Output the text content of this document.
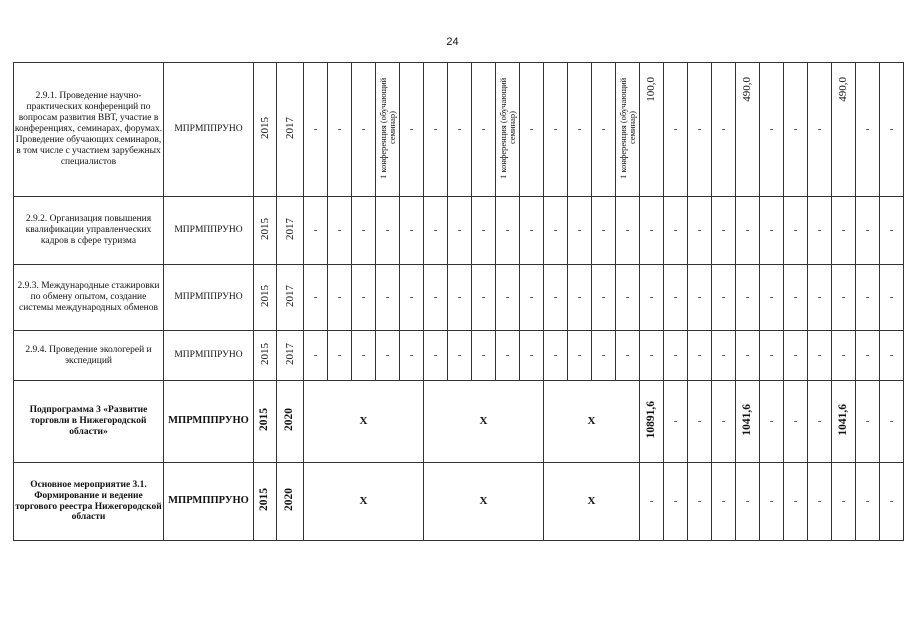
24
2.9.1. Проведение научно-практических конференций по вопросам развития ВВТ, участие в конференциях, семинарах, форумах. Проведение обучающих семинаров, в том числе с участием зарубежных специалистов	МПРМППРУНО	2015	2017	-	-	-	1 конференция (обучающий семинар)	-	-	-	-	1 конференция (обучающий семинар)	-	-	-	-	1 конференция (обучающий семинар)	100,0	-	-	-	490,0	-	-	-	490,0	-	-
2.9.2. Организация повышения квалификации управленческих кадров в сфере туризма	МПРМППРУНО	2015	2017	-	-	-	-	-	-	-	-	-	-	-	-	-	-	-	-	-	-	-	-	-	-	-	-	-
2.9.3. Международные стажировки по обмену опытом, создание системы международных обменов	МПРМППРУНО	2015	2017	-	-	-	-	-	-	-	-	-	-	-	-	-	-	-	-	-	-	-	-	-	-	-	-	-
2.9.4. Проведение экологерей и экспедиций	МПРМППРУНО	2015	2017	-	-	-	-	-	-	-	-	-	-	-	-	-	-	-	-	-	-	-	-	-	-	-	-	-
Подпрограмма 3 «Развитие торговли в Нижегородской области»	МПРМППРУНО	2015	2020	X					X					X				10891,6	-	-	-	1041,6	-	-	-	1041,6	-	-
Основное мероприятие 3.1. Формирование и ведение торгового реестра Нижегородской области	МПРМППРУНО	2015	2020	X					X					X				-	-	-	-	-	-	-	-	-	-	-
